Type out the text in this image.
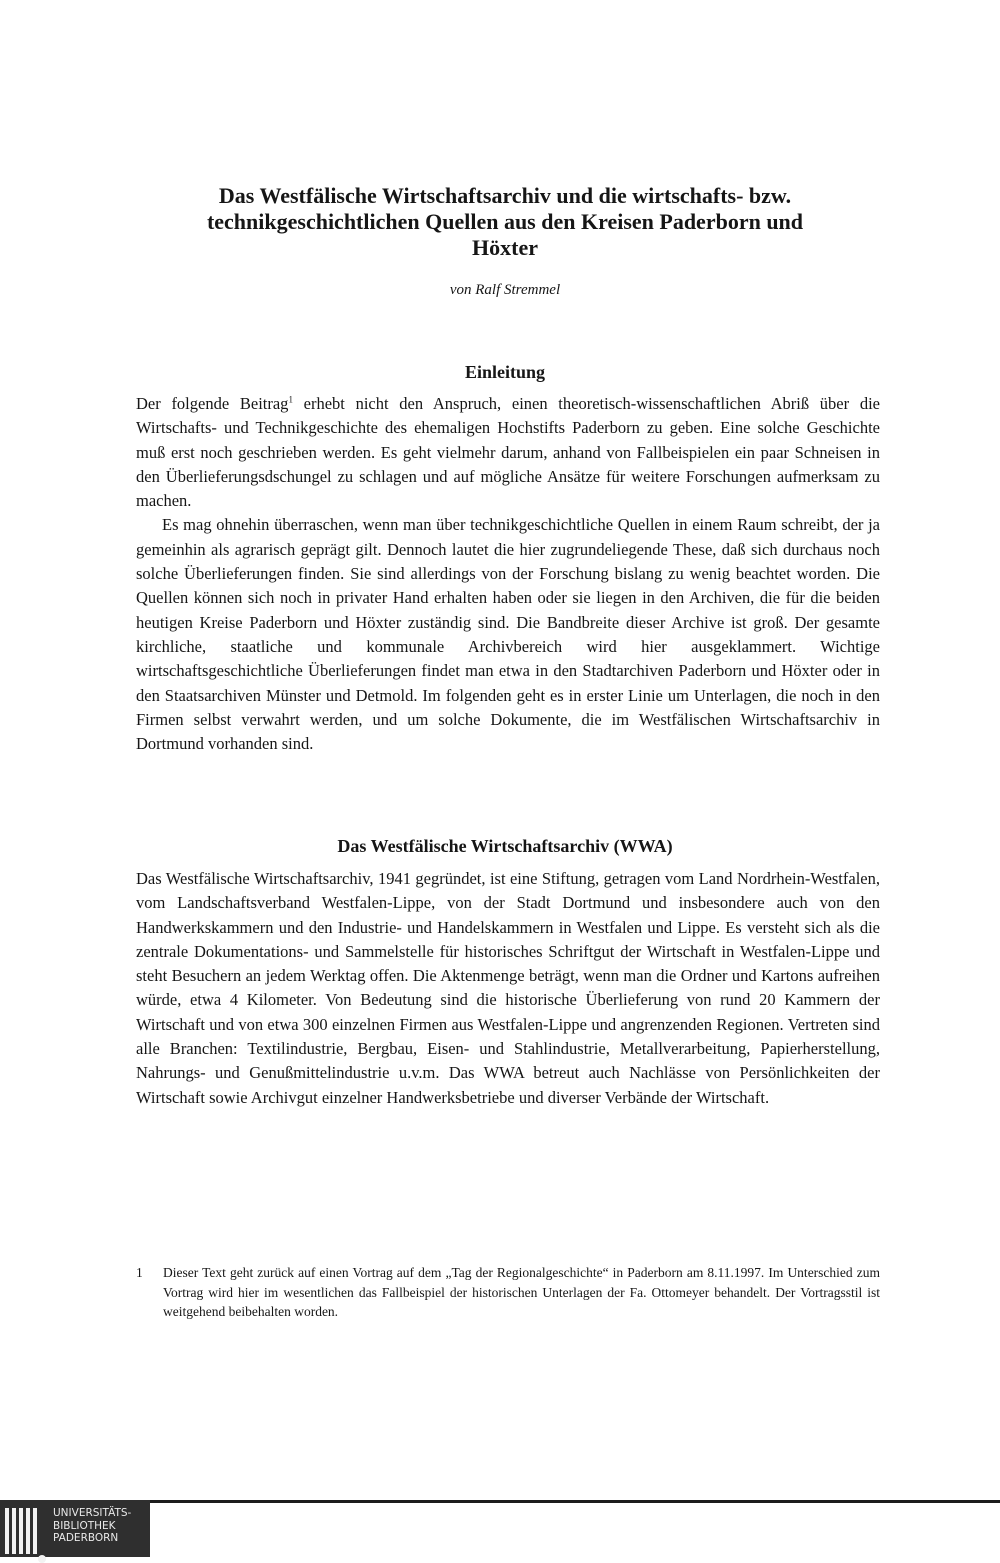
Das Westfälische Wirtschaftsarchiv und die wirtschafts- bzw.
technikgeschichtlichen Quellen aus den Kreisen Paderborn und
Höxter
von Ralf Stremmel
Einleitung

Der folgende Beitrag$^1$ erhebt nicht den Anspruch, einen theoretisch-wissenschaftlichen Abriß über die Wirtschafts- und Technikgeschichte des ehemaligen Hochstifts Paderborn zu geben. Eine solche Geschichte muß erst noch geschrieben werden. Es geht vielmehr darum, anhand von Fallbeispielen ein paar Schneisen in den Überlieferungsdschungel zu schlagen und auf mögliche Ansätze für weitere Forschungen aufmerksam zu machen.

Es mag ohnehin überraschen, wenn man über technikgeschichtliche Quellen in einem Raum schreibt, der ja gemeinhin als agrarisch geprägt gilt. Dennoch lautet die hier zugrundeliegende These, daß sich durchaus noch solche Überlieferungen finden. Sie sind allerdings von der Forschung bislang zu wenig beachtet worden. Die Quellen können sich noch in privater Hand erhalten haben oder sie liegen in den Archiven, die für die beiden heutigen Kreise Paderborn und Höxter zuständig sind. Die Bandbreite dieser Archive ist groß. Der gesamte kirchliche, staatliche und kommunale Archivbereich wird hier ausgeklammert. Wichtige wirtschaftsgeschichtliche Überlieferungen findet man etwa in den Stadtarchiven Paderborn und Höxter oder in den Staatsarchiven Münster und Detmold. Im folgenden geht es in erster Linie um Unterlagen, die noch in den Firmen selbst verwahrt werden, und um solche Dokumente, die im Westfälischen Wirtschaftsarchiv in Dortmund vorhanden sind.

Das Westfälische Wirtschaftsarchiv (WWA)

Das Westfälische Wirtschaftsarchiv, 1941 gegründet, ist eine Stiftung, getragen vom Land Nordrhein-Westfalen, vom Landschaftsverband Westfalen-Lippe, von der Stadt Dortmund und insbesondere auch von den Handwerkskammern und den Industrie- und Handelskammern in Westfalen und Lippe. Es versteht sich als die zentrale Dokumentations- und Sammelstelle für historisches Schriftgut der Wirtschaft in Westfalen-Lippe und steht Besuchern an jedem Werktag offen. Die Aktenmenge beträgt, wenn man die Ordner und Kartons aufreihen würde, etwa 4 Kilometer. Von Bedeutung sind die historische Überlieferung von rund 20 Kammern der Wirtschaft und von etwa 300 einzelnen Firmen aus Westfalen-Lippe und angrenzenden Regionen. Vertreten sind alle Branchen: Textilindustrie, Bergbau, Eisen- und Stahlindustrie, Metallverarbeitung, Papierherstellung, Nahrungs- und Genußmittelindustrie u.v.m. Das WWA betreut auch Nachlässe von Persönlichkeiten der Wirtschaft sowie Archivgut einzelner Handwerksbetriebe und diverser Verbände der Wirtschaft.

1 Dieser Text geht zurück auf einen Vortrag auf dem „Tag der Regionalgeschichte“ in Paderborn am 8.11.1997. Im Unterschied zum Vortrag wird hier im wesentlichen das Fallbeispiel der historischen Unterlagen der Fa. Ottomeyer behandelt. Der Vortragsstil ist weitgehend beibehalten worden.
UNIVERSITÄTS-
BIBLIOTHEK
PADERBORN
